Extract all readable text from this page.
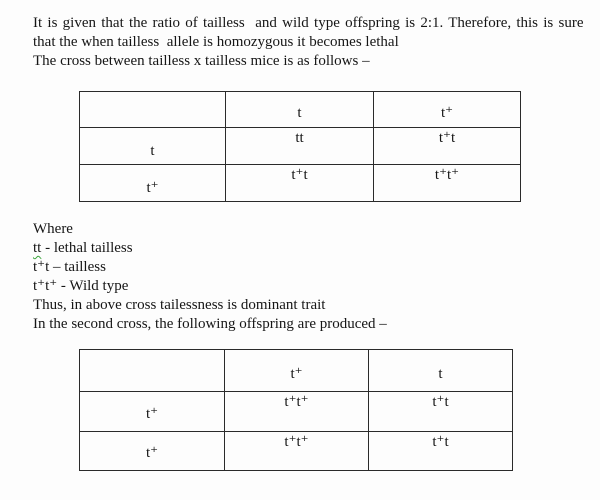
It is given that the ratio of tailless  and wild type offspring is 2:1. Therefore, this is sure
that the when tailless  allele is homozygous it becomes lethal
The cross between tailless x tailless mice is as follows –
	t	t⁺
t	tt	t⁺t
t⁺	t⁺t	t⁺t⁺
Where
tt - lethal tailless
t⁺t – tailless
t⁺t⁺ - Wild type
Thus, in above cross tailessness is dominant trait
In the second cross, the following offspring are produced –
	t⁺	t
t⁺	t⁺t⁺	t⁺t
t⁺	t⁺t⁺	t⁺t
